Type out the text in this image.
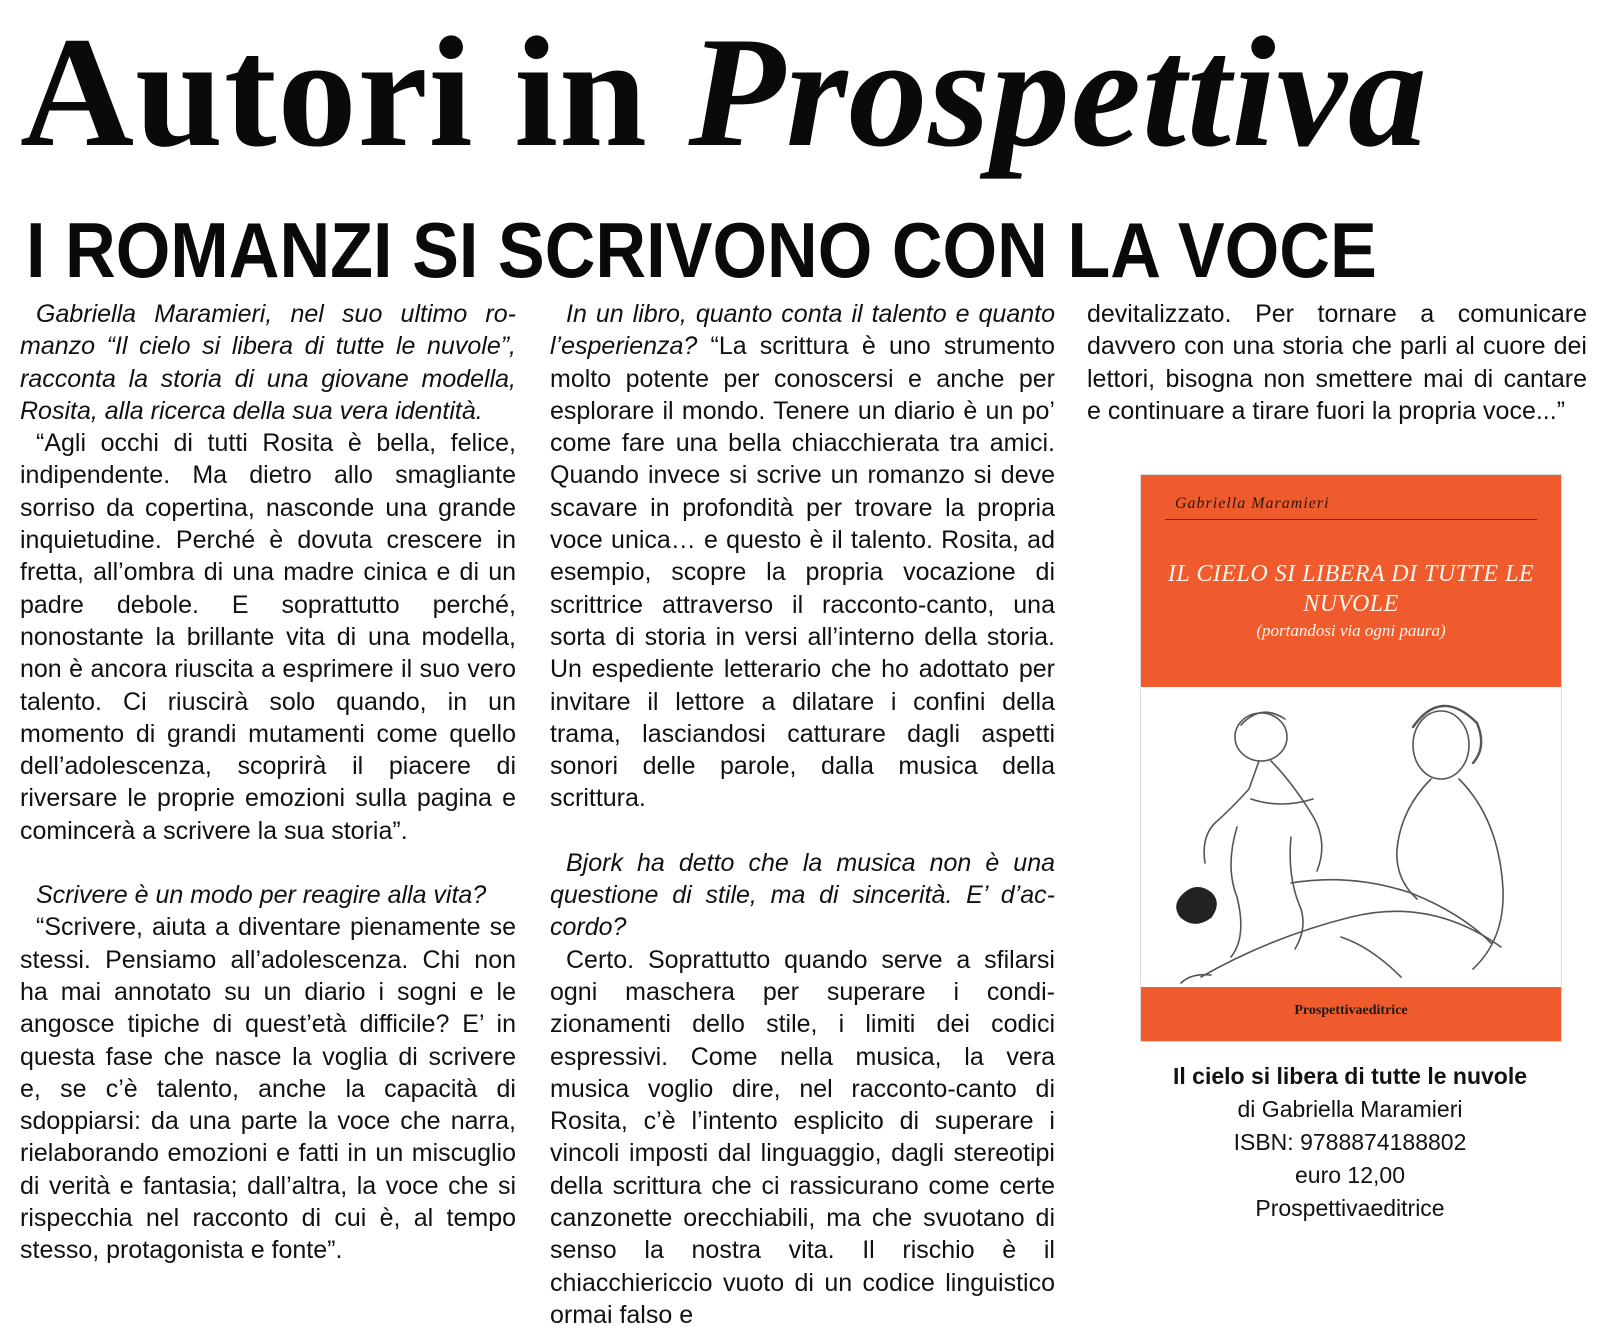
Autori in Prospettiva
I ROMANZI SI SCRIVONO CON LA VOCE

Gabriella Maramieri, nel suo ultimo romanzo “Il cielo si libera di tutte le nuvole”, racconta la storia di una giovane modella, Rosita, alla ricerca della sua vera identità.

“Agli occhi di tutti Rosita è bella, felice, indipendente. Ma dietro allo smagliante sorriso da copertina, nasconde una grande inquietudine. Perché è dovuta crescere in fretta, all’ombra di una madre cinica e di un padre debole. E soprattutto perché, nonostante la brillante vita di una modella, non è ancora riuscita a esprimere il suo vero talento. Ci riuscirà solo quando, in un momento di grandi mutamenti come quello dell’adolescenza, scoprirà il piacere di riversare le proprie emozioni sulla pagina e comincerà a scrivere la sua storia”.

Scrivere è un modo per reagire alla vita?

“Scrivere, aiuta a diventare pienamente se stessi. Pensiamo all’adolescenza. Chi non ha mai annotato su un diario i sogni e le angosce tipiche di quest’età difficile? E’ in questa fase che nasce la voglia di scrivere e, se c’è talento, anche la capacità di sdoppiarsi: da una parte la voce che narra, rielaborando emozioni e fatti in un miscuglio di verità e fantasia; dall’altra, la voce che si rispecchia nel racconto di cui è, al tempo stesso, protagonista e fonte”.

In un libro, quanto conta il talento e quanto l’esperienza? “La scrittura è uno strumento molto potente per conoscersi e anche per esplorare il mondo. Tenere un diario è un po’ come fare una bella chiacchierata tra amici. Quando invece si scrive un romanzo si deve scavare in profondità per trovare la propria voce unica… e questo è il talento. Rosita, ad esempio, scopre la propria vocazione di scrittrice attraverso il racconto-canto, una sorta di storia in versi all’interno della storia. Un espediente letterario che ho adottato per invitare il lettore a dilatare i confini della trama, lasciandosi catturare dagli aspetti sonori delle parole, dalla musica della scrittura.

Bjork ha detto che la musica non è una questione di stile, ma di sincerità. E’ d’accordo?

Certo. Soprattutto quando serve a sfilarsi ogni maschera per superare i condizionamenti dello stile, i limiti dei codici espressivi. Come nella musica, la vera musica voglio dire, nel racconto-canto di Rosita, c’è l’intento esplicito di superare i vincoli imposti dal linguaggio, dagli stereotipi della scrittura che ci rassicurano come certe canzonette orecchiabili, ma che svuotano di senso la nostra vita. Il rischio è il chiacchiericcio vuoto di un codice linguistico ormai falso e

devitalizzato. Per tornare a comunicare davvero con una storia che parli al cuore dei lettori, bisogna non smettere mai di cantare e continuare a tirare fuori la propria voce...”

Gabriella Maramieri
IL CIELO SI LIBERA DI TUTTE LE NUVOLE
(portandosi via ogni paura)
Prospettivaeditrice
Il cielo si libera di tutte le nuvole
di Gabriella Maramieri
ISBN: 9788874188802
euro 12,00
Prospettivaeditrice
